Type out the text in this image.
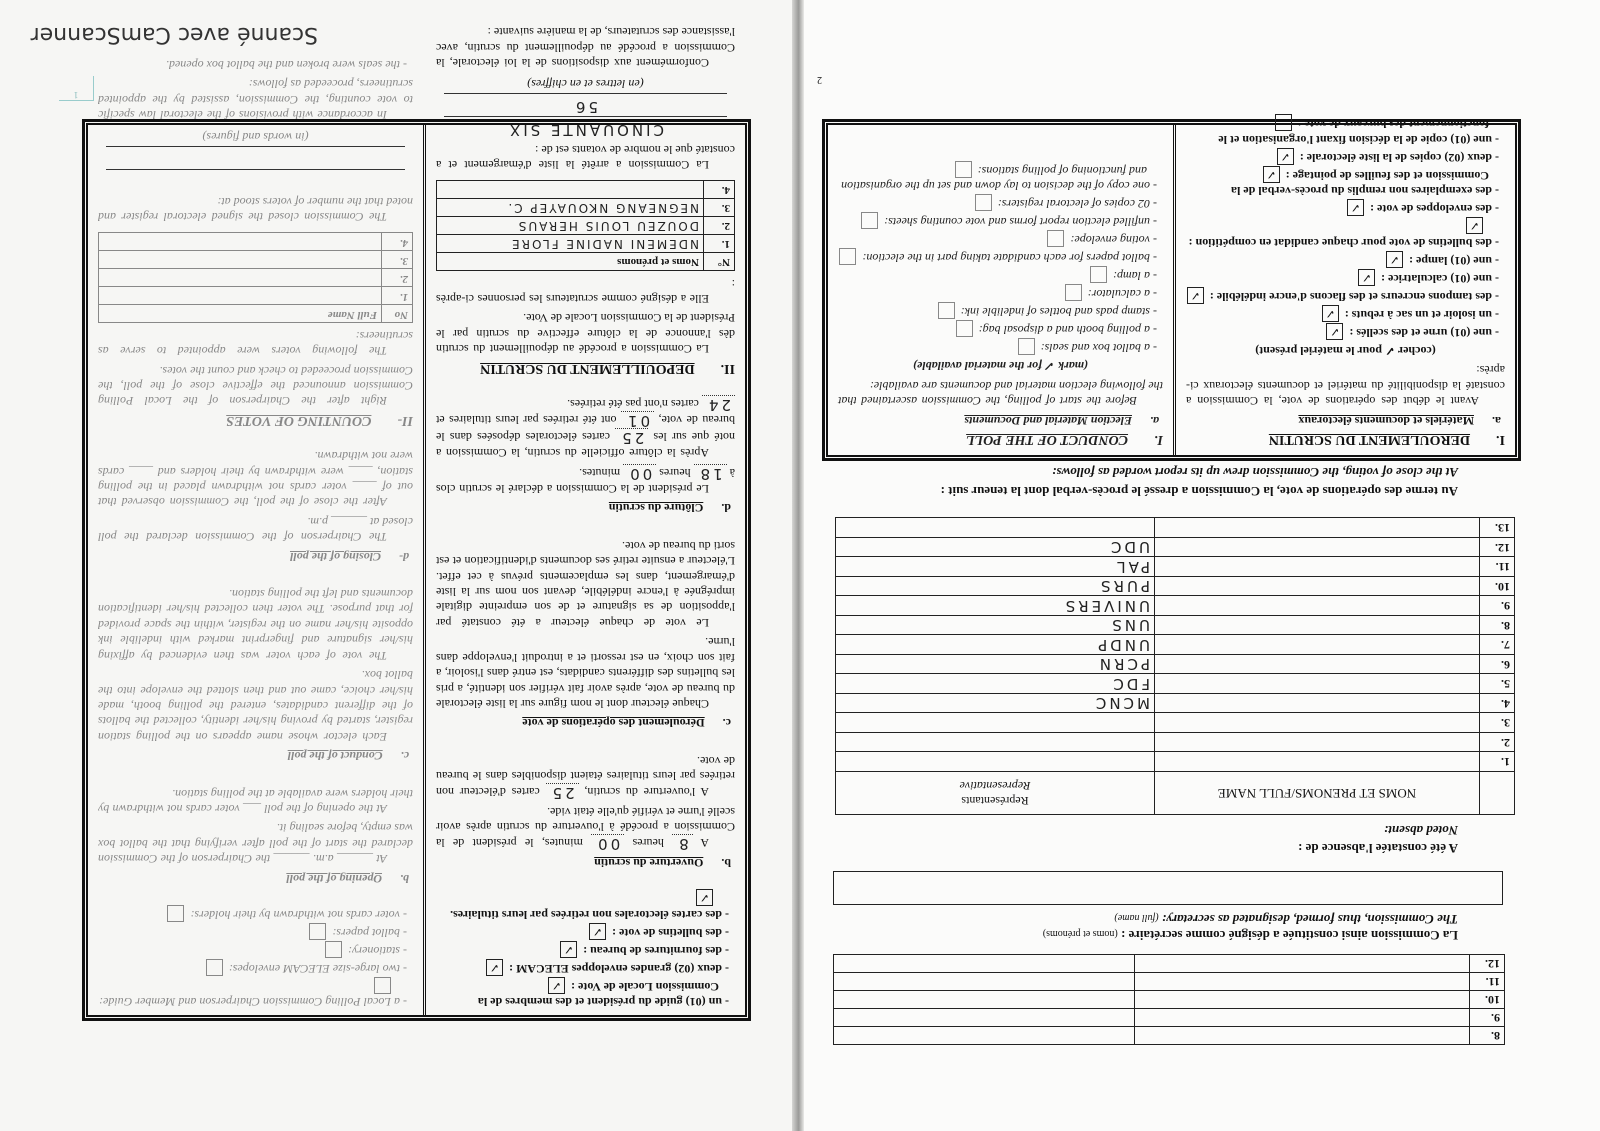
8.		
9.		
10.		
11.		
12.		
La Commission ainsi constituée a désigné comme secrétaire : (noms et prénoms)
The Commission, thus formed, designated as secretary: (full name)
A été constatée l'absence de :
Noted absent:
	NOMS ET PRENOMS/FULL NAME	Représentants
Representative
1.		
2.		
3.		
4.		MCNC
5.		FDC
6.		PCRN
7.		UNDP
8.		UNS
9.		UNIVERS
10.		PURS
11.		PAL
12.		UDC
13.		
Au terme des opérations de vote, la Commission a dressé le procès-verbal dont la teneur suit :
At the close of voting, the Commission drew up its report worded as follows:
I.DEROULEMENT DU SCRUTIN
a.Matériels et documents électoraux
Avant le début des opérations de vote, la Commission a constaté la disponibilité du matériel et documents électoraux ci-après:
(cocher ✓ pour le matériel présent)
- une (01) urne et des scellés :✓
- un isoloir et un sac à rebuts :✓
- des tampons encreurs et des flacons d'encre indélébile :✓
- une (01) calculatrice :✓
- une (01) lampe :✓
- des bulletins de vote pour chaque candidat en compétition :✓
- des enveloppes de vote :✓
- des exemplaires non remplis du procès-verbal de la Commission et des feuilles de pointage :✓
- deux (02) copies de la liste électorale :✓
- une (01) copie de la décision fixant l'organisation et le fonctionnement des bureaux de vote :
I.CONDUCT OF THE POLL
a.Election Material and Documents
Before the start of polling, the Commission ascertained that the following election material and documents are available:
(mark ✓ for the material available)
- a ballot box and seals:
- a polling booth and a disposal bag:
- stamp pads and bottles of indelible ink:
- a calculator:
- a lamp:
- ballot papers for each candidate taking part in the election:
- voting envelope:
- unfilled election report forms and vote counting sheets:
- 02 copies of electoral registers:
- one copy of the decision to lay down and set up the organisation and functioning of polling stations:
2
- un (01) guide du président et des membres de la Commission Locale de Vote :✓
- deux (02) grandes enveloppes ELECAM :✓
- des fournitures de bureau :✓
- des bulletins de vote :✓
- des cartes électorales non retirées par leurs titulaires.✓
b.Ouverture du scrutin
A 8 heures 00 minutes, le président de la Commission a procédé à l'ouverture du scrutin après avoir scellé l'urne et vérifié qu'elle était vide.
A l'ouverture du scrutin, 25 cartes d'électeur non retirées par leurs titulaires étaient disponibles dans le bureau de vote.
c.Déroulement des opérations de vote
Chaque électeur dont le nom figure sur la liste électorale du bureau de vote, après avoir fait vérifier son identité, a pris les bulletins des différents candidats, est entré dans l'isoloir, a fait son choix, en est ressorti et a introduit l'enveloppe dans l'urne.
Le vote de chaque électeur a été constaté par l'apposition de sa signature et de son empreinte digitale imprégnée à l'encre indélébile, devant son nom sur la liste d'émargement, dans les emplacements prévus à cet effet. L'électeur a ensuite retiré ses documents d'identification et est sorti du bureau de vote.
d.Clôture du scrutin
Le président de la Commission a déclaré le scrutin clos à 18 heures 00 minutes.
Après la clôture officielle du scrutin, la Commission a noté que sur les 25 cartes électorales déposées dans le bureau de vote, 01 ont été retirées par leurs titulaires et 24 cartes n'ont pas été retirées.
II.DEPOUILLEMENT DU SCRUTIN
La Commission a procédé au dépouillement du scrutin dès l'annonce de la clôture effective du scrutin par le Président de la Commission Locale de Vote.
Elle a désigné comme scrutateurs les personnes ci-après :
N°	Noms et prénoms
1.	NDEMENI NADINE FLORE
2.	DOUZEU LOUIS HERAUS
3.	NEGNEANG NKOUAYEP C.
4.	
La Commission a arrêté la liste d'émargement et a constaté que le nombre de votants est de :
CINQUANTE SIX
56
(en lettres et en chiffres)
Conformément aux dispositions de la loi électorale, la Commission a procédé au dépouillement du scrutin, avec l'assistance des scrutateurs, de la manière suivante :
- a Local Polling Commission Chairperson and Member Guide:
- two large-size ELECAM envelopes:
- stationery:
- ballot papers:
- voter cards not withdrawn by their holders:
b.Opening of the poll
At ______ a.m. ______ the Chairperson of the Commission declared the start of the poll after verifying that the ballot box was empty, before sealing it.
At the opening of the poll ___ voter cards not withdrawn by their holders were available at the polling station.
c.Conduct of the poll
Each elector whose name appears on the polling station register, started by proving his/her identity, collected the ballots of the different candidates, entered the polling booth, made his/her choice, came out and then slotted the envelope into the ballot box.
The vote of each voter was then evidenced by affixing his/her signature and fingerprint marked with indelible ink opposite his/her name on the register, within the space provided for that purpose. The voter then collected his/her identification documents and left the polling station.
d-Closing of the poll
The Chairperson of the Commission declared the poll closed at ______ p.m.
After the close of the poll, the Commission observed that out of ____ voter cards not withdrawn placed in the polling station, ____ were withdrawn by their holders and ____ cards were not withdrawn.
II-COUNTING OF VOTES
Right after the Chairperson of the Local Polling Commission announced the effective close of the poll, the Commission proceeded to check and count the votes.
The following voters were appointed to serve as scrutineers:
No	Full Name
1.	
2.	
3.	
4.	
The Commission closed the signed electoral register and noted that the number of voters stood at:
(in words and figures)
In accordance with provisions of the electoral law specific to vote counting, the Commission, assisted by the appointed scrutineers, proceeded as follows:
- the seals were broken and the ballot box opened.
1
Scanné avec CamScanner
